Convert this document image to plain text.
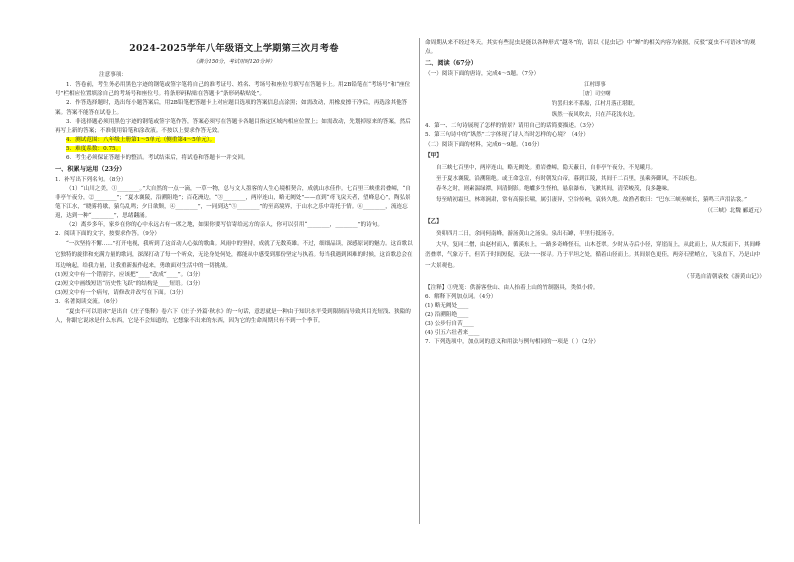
2024-2025学年八年级语文上学期第三次月考卷
（满分150分，考试用时120分钟）

注意事项：

1．答卷前，考生务必用黑色字迹的钢笔或签字笔将自己的准考证号、姓名、考场号和座位号填写在答题卡上。用2B铅笔在“考场号”和“座位号”栏相应位置填涂自己的考场号和座位号。将条形码粘贴在答题卡“条形码粘贴处”。

2．作答选择题时，选出每小题答案后，用2B铅笔把答题卡上对应题目选项的答案信息点涂黑；如需改动，用橡皮擦干净后，再选涂其他答案。答案不能答在试卷上。

3．非选择题必须用黑色字迹的钢笔或签字笔作答，答案必须写在答题卡各题目指定区域内相应位置上；如需改动，先划掉原来的答案，然后再写上新的答案；不准使用铅笔和涂改液。不按以上要求作答无效。

4．测试范围：八年级上册第1～5单元（侧重第4～5单元）。

5．难度系数：0.75。

6．考生必须保证答题卡的整洁。考试结束后，将试卷和答题卡一并交回。

一、积累与运用（23分）

1．补写出下列名句。（8分）

（1）“山川之美，①________。”大自然的一点一滴，一草一物，总与文人墨客的人生心境相契合，成就山水佳作。七百里三峡重岩叠嶂，“自非亭午夜分，②________”；“夏水襄陵，沿溯阻绝”；百花洲边，“③________，两岸连山，略无阙处”——直到“鸢飞戾天者，望峰息心”，陶弘景笔下江水，“晓雾将歇，猿鸟乱鸣；夕日欲颓，④________”，一同到达“⑤________”的至高境界，于山水之乐中寄托于情。⑥________，流连忘返，达到一种“________”，思绪翻涌。

（2）离乡多年，家乡在你的心中永远占有一席之地，如果你要写信寄给远方的亲人，你可以引用“________，________”的诗句。

2．阅读下面的文字，按要求作答。（9分）

“一次坚持不懈……”打开电视，我听到了这首动人心弦的歌曲。风雨中的坚持，成就了无数英雄。不过，细细品读，深感原词的魅力。这首歌以它独特的旋律和充满力量的歌词，深深打动了每一个听众，无论身处何处，都能从中感受到那份坚定与执着。每当我遇到困难的时候，这首歌总会在耳边响起，给我力量，让我重新振作起来，勇敢面对生活中的一切挑战。

(1)短文中有一个错别字，应该把“____”改成“____”。（3分）

(2)短文中画线短语“历史性飞跃”的结构是____短语。（3分）

(3)短文中有一个病句，请修改并改写在下面。（3分）

3．名著阅读交流。（6分）

“夏虫不可以语冰”是出自《庄子集释》卷六下《庄子·外篇·秋水》的一句话，意思就是一种由于知识水平受到限制而导致其目光短浅、狭隘的人，你跟它说冰是什么东西，它是不会知道的，它想象不出来的东西，因为它的生命周期只有不到一个季节。

命周期从来不经过冬天。其实有些昆虫是能以各种形式“越冬”的，请以《昆虫记》中“蝉”的相关内容为依据，反驳“夏虫不可语冰”的观点。

二、阅读（67分）

（一）阅读下面的唐诗，完成4～5题。（7分）

江村即事
［唐］司空曙
钓罢归来不系船，江村月落正堪眠。
纵然一夜风吹去，只在芦花浅水边。

4．第一、二句诗展现了怎样的情景？请用自己的话简要描述。（3分）

5．第三句诗中的“纵然”二字体现了诗人当时怎样的心境？（4分）

（二）阅读下面的材料，完成6～9题。（16分）

【甲】

自三峡七百里中，两岸连山，略无阙处。重岩叠嶂，隐天蔽日，自非亭午夜分，不见曦月。

至于夏水襄陵，沿溯阻绝。或王命急宣，有时朝发白帝，暮到江陵，其间千二百里，虽乘奔御风，不以疾也。

春冬之时，则素湍绿潭，回清倒影。绝巘多生怪柏，悬泉瀑布，飞漱其间，清荣峻茂，良多趣味。

每至晴初霜旦，林寒涧肃，常有高猿长啸，属引凄异，空谷传响，哀转久绝。故渔者歌曰：“巴东三峡巫峡长，猿鸣三声泪沾裳。”

（《三峡》北魏 郦道元）

【乙】

癸卯四月二日，余同何南峰，游汤黄山之汤泉。泉出石罅，半里行抵汤寺。

大早，复同二僧，由赵村而入，循溪东上，一路多奇峰怪石，山木苍翠。少时从寺后小径，穿崖而上，从此而上，从大坂而下，其间峰峦叠翠，气象万千，但苦于时间短促，无法一一探寻。乃于平坦之处，循着山径而上。其间景色更佳，两旁石壁峭立，飞泉直下，乃是山中一大景观也。

（节选自清朝袁枚《游黄山记》）

【注释】①兜笼：供游客登山、由人抬着上山的竹制器具，类似小轿。

6．解释下列加点词。（4分）

(1) 略无阙处____

(2) 沿溯阻绝____

(3) 公步行自苦____

(4) 引五六壮者来____

7．下列选项中，加点词的意义和用法与例句相同的一项是（ ）（2分）
